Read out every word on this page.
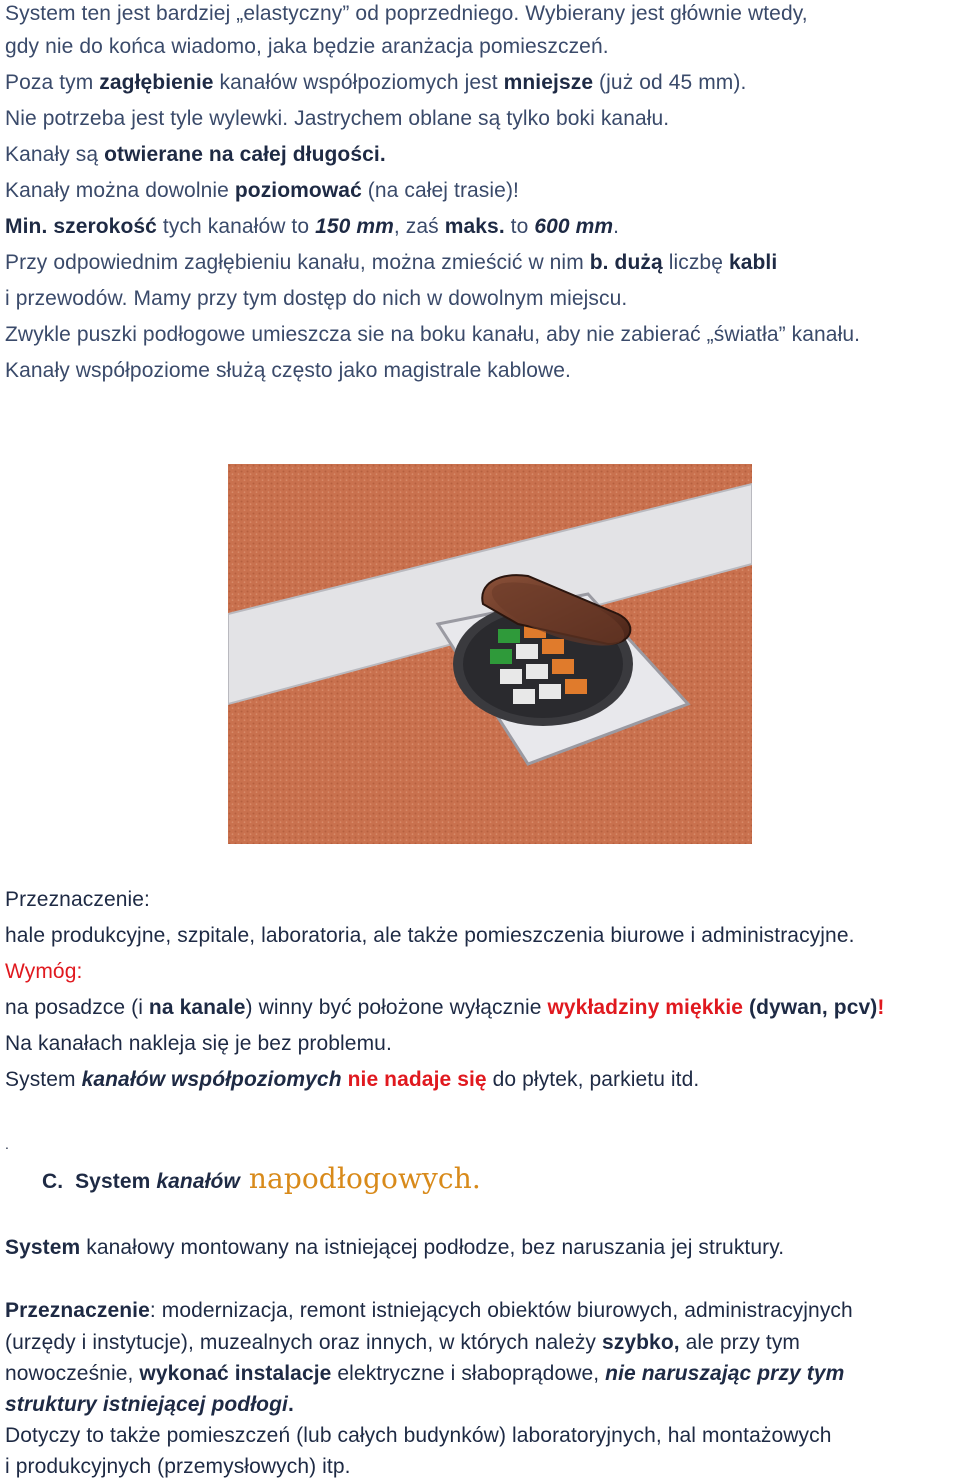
System ten jest bardziej „elastyczny” od poprzedniego. Wybierany jest głównie wtedy,
gdy nie do końca wiadomo, jaka będzie aranżacja pomieszczeń.
Poza tym zagłębienie kanałów współpoziomych jest mniejsze (już od 45 mm).
Nie potrzeba jest tyle wylewki. Jastrychem oblane są tylko boki kanału.
Kanały są otwierane na całej długości.
Kanały można dowolnie poziomować (na całej trasie)!
Min. szerokość tych kanałów to 150 mm, zaś maks. to 600 mm.
Przy odpowiednim zagłębieniu kanału, można zmieścić w nim b. dużą liczbę kabli
i przewodów. Mamy przy tym dostęp do nich w dowolnym miejscu.
Zwykle puszki podłogowe umieszcza sie na boku kanału, aby nie zabierać „światła” kanału.
Kanały współpoziome służą często jako magistrale kablowe.
Przeznaczenie:
hale produkcyjne, szpitale, laboratoria, ale także pomieszczenia biurowe i administracyjne.
Wymóg:
na posadzce (i na kanale) winny być położone wyłącznie wykładziny miękkie (dywan, pcv)!
Na kanałach nakleja się je bez problemu.
System kanałów współpoziomych nie nadaje się do płytek, parkietu itd.
.
C. System kanałów napodłogowych.
System kanałowy montowany na istniejącej podłodze, bez naruszania jej struktury.
Przeznaczenie: modernizacja, remont istniejących obiektów biurowych, administracyjnych
(urzędy i instytucje), muzealnych oraz innych, w których należy szybko, ale przy tym
nowocześnie, wykonać instalacje elektryczne i słaboprądowe, nie naruszając przy tym
struktury istniejącej podłogi.
Dotyczy to także pomieszczeń (lub całych budynków) laboratoryjnych, hal montażowych
i produkcyjnych (przemysłowych) itp.
